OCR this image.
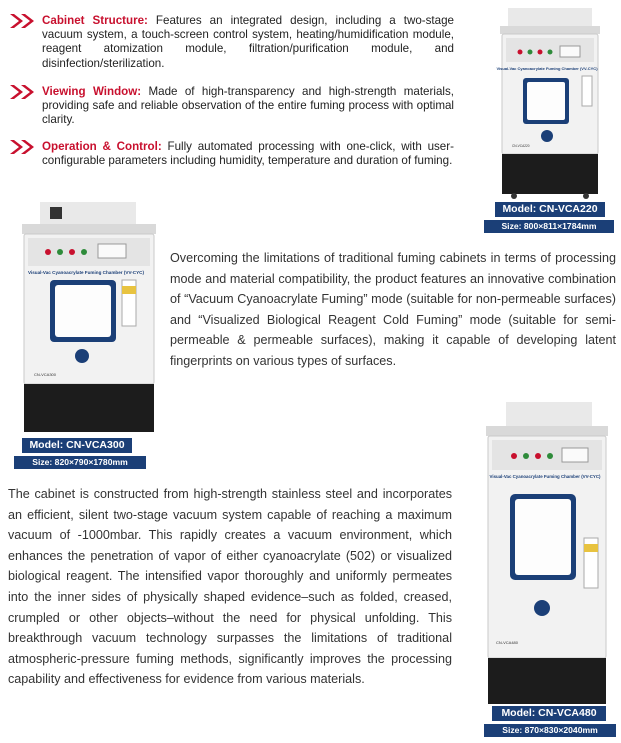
Cabinet Structure: Features an integrated design, including a two-stage vacuum system, a touch-screen control system, heating/humidification module, reagent atomization module, filtration/purification module, and disinfection/sterilization.
Viewing Window: Made of high-transparency and high-strength materials, providing safe and reliable observation of the entire fuming process with optimal clarity.
Operation & Control: Fully automated processing with one-click, with user-configurable parameters including humidity, temperature and duration of fuming.
Visual-Vac Cyanoacrylate Fuming Chamber (VV-CYC)
CN-VCA220
Model: CN-VCA220
Size: 800×811×1784mm
Visual-Vac Cyanoacrylate Fuming Chamber (VV-CYC)
CN-VCA300
Model: CN-VCA300
Size: 820×790×1780mm
Overcoming the limitations of traditional fuming cabinets in terms of processing mode and material compatibility, the product features an innovative combination of “Vacuum Cyanoacrylate Fuming” mode (suitable for non-permeable surfaces) and “Visualized Biological Reagent Cold Fuming” mode (suitable for semi-permeable & permeable surfaces), making it capable of developing latent fingerprints on various types of surfaces.
The cabinet is constructed from high-strength stainless steel and incorporates an efficient, silent two-stage vacuum system capable of reaching a maximum vacuum of -1000mbar. This rapidly creates a vacuum environment, which enhances the penetration of vapor of either cyanoacrylate (502) or visualized biological reagent. The intensified vapor thoroughly and uniformly permeates into the inner sides of physically shaped evidence–such as folded, creased, crumpled or other objects–without the need for physical unfolding. This breakthrough vacuum technology surpasses the limitations of traditional atmospheric-pressure fuming methods, significantly improves the processing capability and effectiveness for evidence from various materials.
Visual-Vac Cyanoacrylate Fuming Chamber (VV-CYC)
CN-VCA480
Model: CN-VCA480
Size: 870×830×2040mm
